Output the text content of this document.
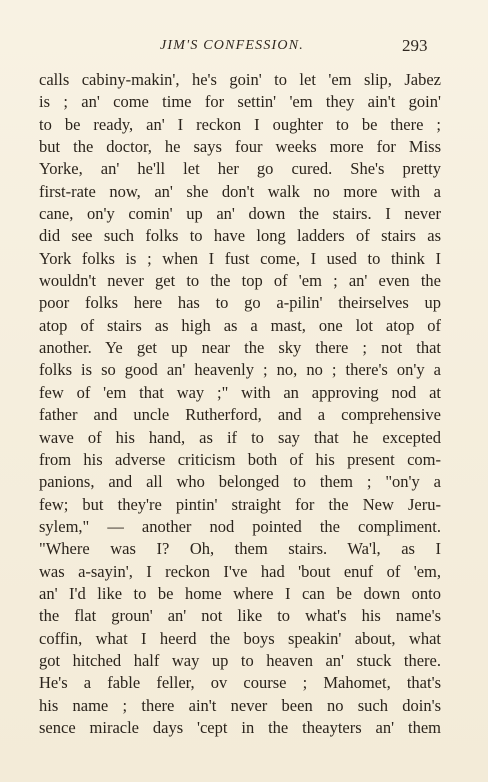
JIM'S CONFESSION.	293
calls cabiny-makin', he's goin' to let 'em slip, Jabez
is ; an' come time for settin' 'em they ain't goin'
to be ready, an' I reckon I oughter to be there ;
but the doctor, he says four weeks more for Miss
Yorke, an' he'll let her go cured. She's pretty
first-rate now, an' she don't walk no more with a
cane, on'y comin' up an' down the stairs. I never
did see such folks to have long ladders of stairs as
York folks is ; when I fust come, I used to think I
wouldn't never get to the top of 'em ; an' even the
poor folks here has to go a-pilin' theirselves up
atop of stairs as high as a mast, one lot atop of
another. Ye get up near the sky there ; not that
folks is so good an' heavenly ; no, no ; there's on'y a
few of 'em that way ;" with an approving nod at
father and uncle Rutherford, and a comprehensive
wave of his hand, as if to say that he excepted
from his adverse criticism both of his present com-
panions, and all who belonged to them ; "on'y a
few; but they're pintin' straight for the New Jeru-
sylem," — another nod pointed the compliment.
"Where was I? Oh, them stairs. Wa'l, as I
was a-sayin', I reckon I've had 'bout enuf of 'em,
an' I'd like to be home where I can be down onto
the flat groun' an' not like to what's his name's
coffin, what I heerd the boys speakin' about, what
got hitched half way up to heaven an' stuck there.
He's a fable feller, ov course ; Mahomet, that's
his name ; there ain't never been no such doin's
sence miracle days 'cept in the theayters an' them
